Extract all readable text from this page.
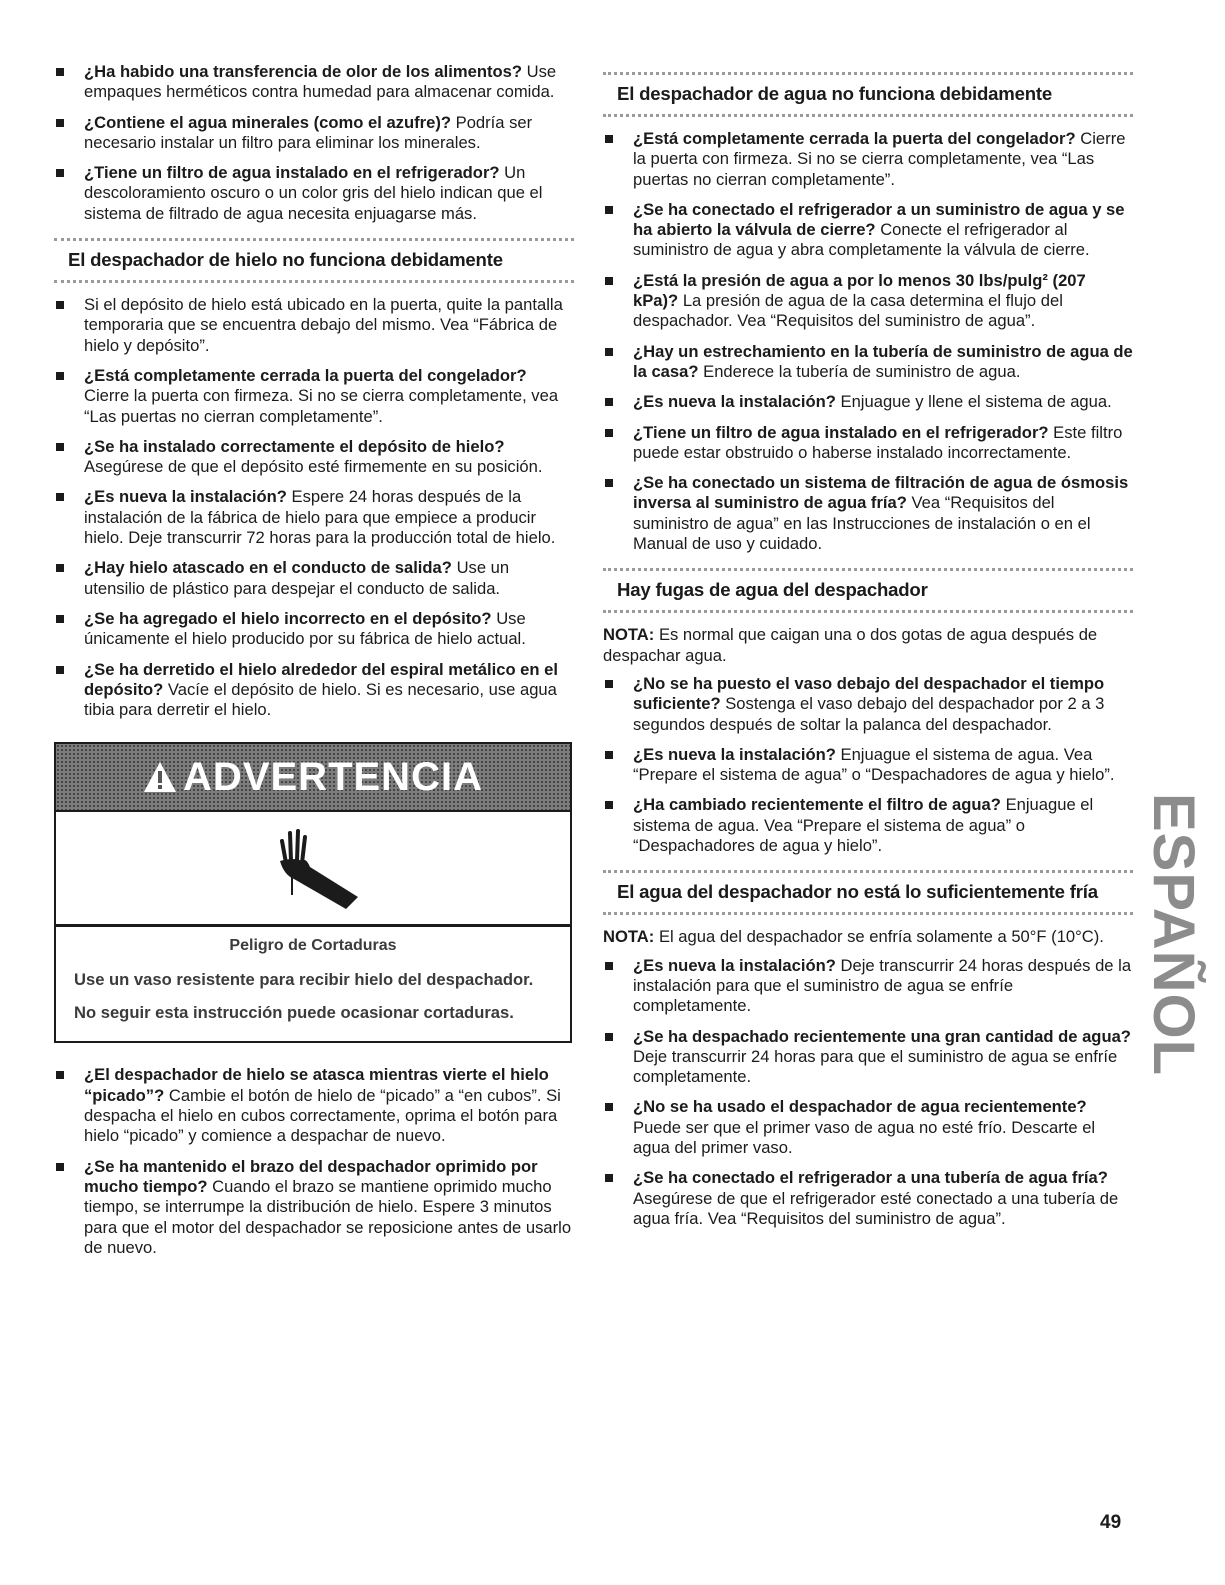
¿Ha habido una transferencia de olor de los alimentos? Use empaques herméticos contra humedad para almacenar comida.
¿Contiene el agua minerales (como el azufre)? Podría ser necesario instalar un filtro para eliminar los minerales.
¿Tiene un filtro de agua instalado en el refrigerador? Un descoloramiento oscuro o un color gris del hielo indican que el sistema de filtrado de agua necesita enjuagarse más.
El despachador de hielo no funciona debidamente
Si el depósito de hielo está ubicado en la puerta, quite la pantalla temporaria que se encuentra debajo del mismo. Vea “Fábrica de hielo y depósito”.
¿Está completamente cerrada la puerta del congelador? Cierre la puerta con firmeza. Si no se cierra completamente, vea “Las puertas no cierran completamente”.
¿Se ha instalado correctamente el depósito de hielo? Asegúrese de que el depósito esté firmemente en su posición.
¿Es nueva la instalación? Espere 24 horas después de la instalación de la fábrica de hielo para que empiece a producir hielo. Deje transcurrir 72 horas para la producción total de hielo.
¿Hay hielo atascado en el conducto de salida? Use un utensilio de plástico para despejar el conducto de salida.
¿Se ha agregado el hielo incorrecto en el depósito? Use únicamente el hielo producido por su fábrica de hielo actual.
¿Se ha derretido el hielo alrededor del espiral metálico en el depósito? Vacíe el depósito de hielo. Si es necesario, use agua tibia para derretir el hielo.
ADVERTENCIA
Peligro de Cortaduras

Use un vaso resistente para recibir hielo del despachador.

No seguir esta instrucción puede ocasionar cortaduras.

¿El despachador de hielo se atasca mientras vierte el hielo “picado”? Cambie el botón de hielo de “picado” a “en cubos”. Si despacha el hielo en cubos correctamente, oprima el botón para hielo “picado” y comience a despachar de nuevo.
¿Se ha mantenido el brazo del despachador oprimido por mucho tiempo? Cuando el brazo se mantiene oprimido mucho tiempo, se interrumpe la distribución de hielo. Espere 3 minutos para que el motor del despachador se reposicione antes de usarlo de nuevo.
El despachador de agua no funciona debidamente
¿Está completamente cerrada la puerta del congelador? Cierre la puerta con firmeza. Si no se cierra completamente, vea “Las puertas no cierran completamente”.
¿Se ha conectado el refrigerador a un suministro de agua y se ha abierto la válvula de cierre? Conecte el refrigerador al suministro de agua y abra completamente la válvula de cierre.
¿Está la presión de agua a por lo menos 30 lbs/pulg² (207 kPa)? La presión de agua de la casa determina el flujo del despachador. Vea “Requisitos del suministro de agua”.
¿Hay un estrechamiento en la tubería de suministro de agua de la casa? Enderece la tubería de suministro de agua.
¿Es nueva la instalación? Enjuague y llene el sistema de agua.
¿Tiene un filtro de agua instalado en el refrigerador? Este filtro puede estar obstruido o haberse instalado incorrectamente.
¿Se ha conectado un sistema de filtración de agua de ósmosis inversa al suministro de agua fría? Vea “Requisitos del suministro de agua” en las Instrucciones de instalación o en el Manual de uso y cuidado.
Hay fugas de agua del despachador

NOTA: Es normal que caigan una o dos gotas de agua después de despachar agua.

¿No se ha puesto el vaso debajo del despachador el tiempo suficiente? Sostenga el vaso debajo del despachador por 2 a 3 segundos después de soltar la palanca del despachador.
¿Es nueva la instalación? Enjuague el sistema de agua. Vea “Prepare el sistema de agua” o “Despachadores de agua y hielo”.
¿Ha cambiado recientemente el filtro de agua? Enjuague el sistema de agua. Vea “Prepare el sistema de agua” o “Despachadores de agua y hielo”.
El agua del despachador no está lo suficientemente fría

NOTA: El agua del despachador se enfría solamente a 50°F (10°C).

¿Es nueva la instalación? Deje transcurrir 24 horas después de la instalación para que el suministro de agua se enfríe completamente.
¿Se ha despachado recientemente una gran cantidad de agua? Deje transcurrir 24 horas para que el suministro de agua se enfríe completamente.
¿No se ha usado el despachador de agua recientemente? Puede ser que el primer vaso de agua no esté frío. Descarte el agua del primer vaso.
¿Se ha conectado el refrigerador a una tubería de agua fría? Asegúrese de que el refrigerador esté conectado a una tubería de agua fría. Vea “Requisitos del suministro de agua”.
ESPAÑOL
49
